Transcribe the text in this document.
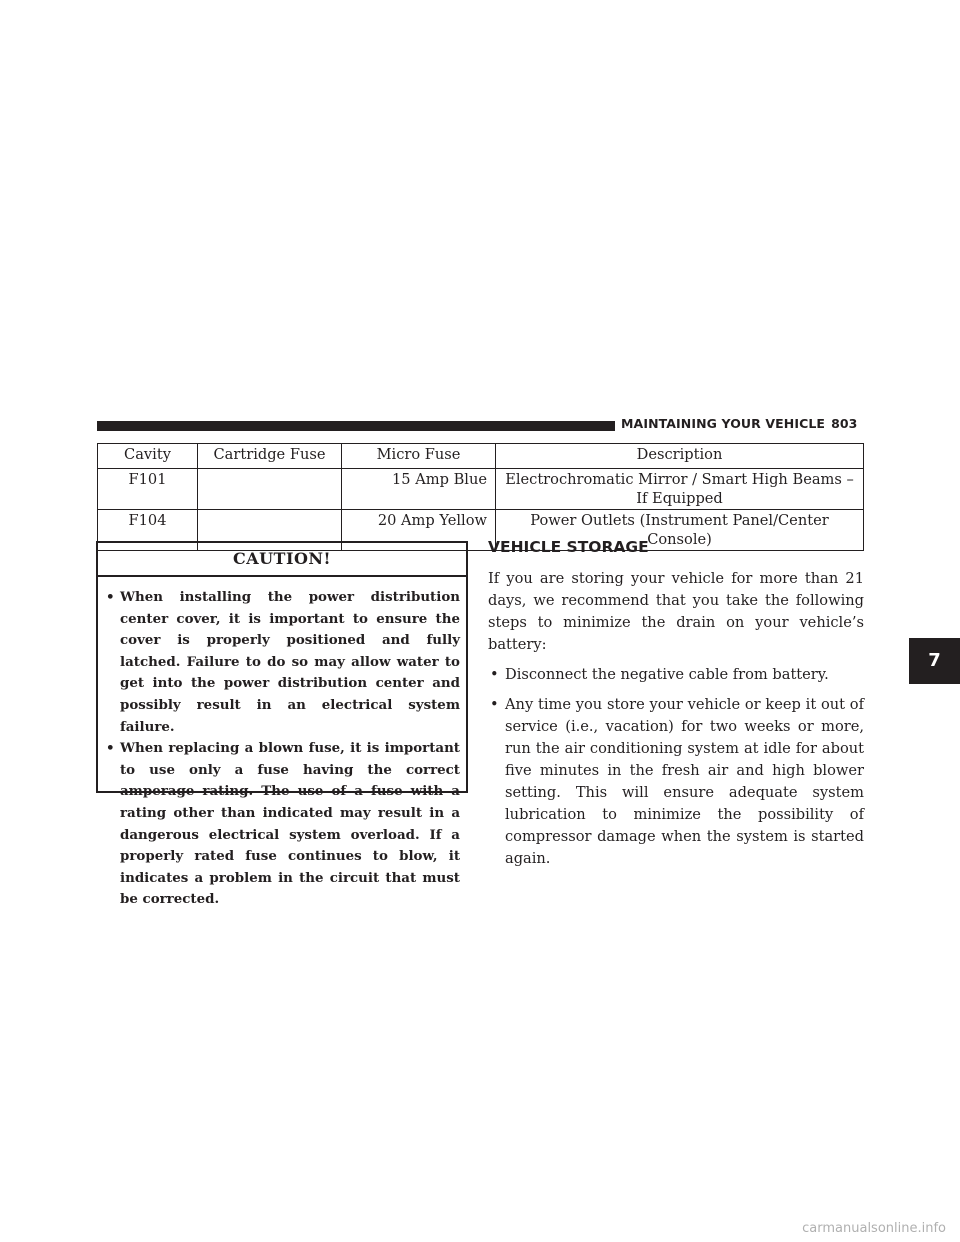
MAINTAINING YOUR VEHICLE 803
Cavity	Cartridge Fuse	Micro Fuse	Description
F101		15 Amp Blue	Electrochromatic Mirror / Smart High Beams – If Equipped
F104		20 Amp Yellow	Power Outlets (Instrument Panel/Center Console)
CAUTION!
• When installing the power distribution center cover, it is important to ensure the cover is properly positioned and fully latched. Failure to do so may allow water to get into the power distribution center and possibly result in an electrical system failure.
• When replacing a blown fuse, it is important to use only a fuse having the correct amperage rating. The use of a fuse with a rating other than indicated may result in a dangerous electrical system overload. If a properly rated fuse continues to blow, it indicates a problem in the circuit that must be corrected.
VEHICLE STORAGE

If you are storing your vehicle for more than 21 days, we recommend that you take the following steps to minimize the drain on your vehicle’s battery:

• Disconnect the negative cable from battery.
• Any time you store your vehicle or keep it out of service (i.e., vacation) for two weeks or more, run the air conditioning system at idle for about five minutes in the fresh air and high blower setting. This will ensure adequate system lubrication to minimize the possibility of compressor damage when the system is started again.
7
carmanualsonline.info
